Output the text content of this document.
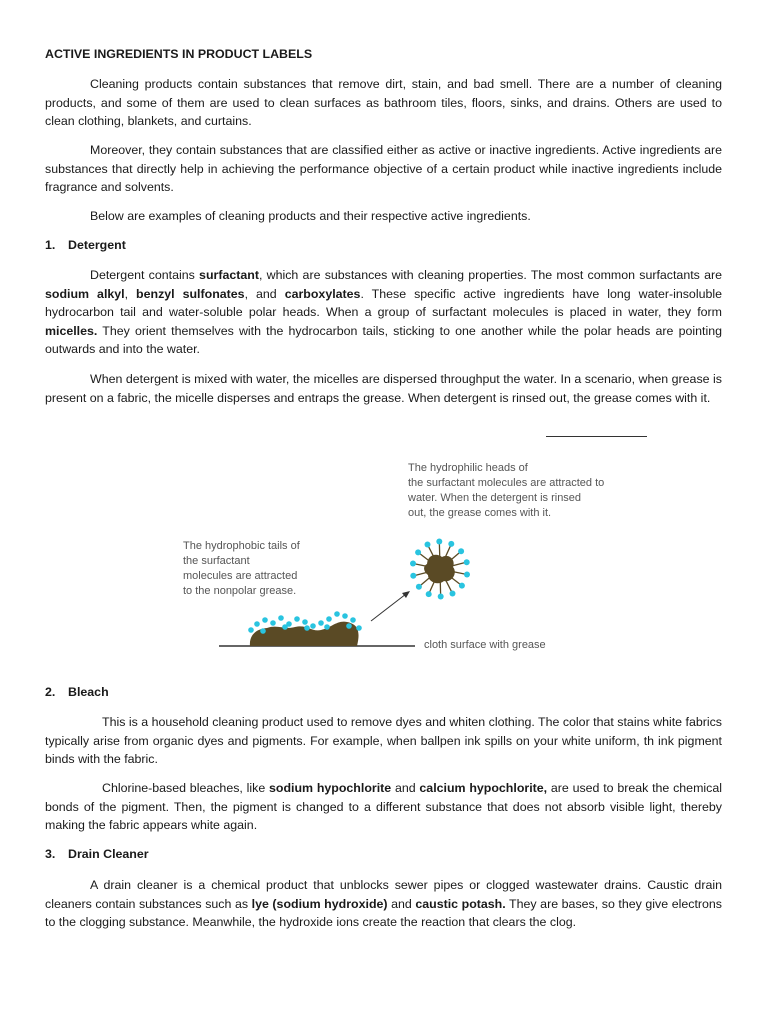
ACTIVE INGREDIENTS IN PRODUCT LABELS

Cleaning products contain substances that remove dirt, stain, and bad smell. There are a number of cleaning products, and some of them are used to clean surfaces as bathroom tiles, floors, sinks, and drains. Others are used to clean clothing, blankets, and curtains.

Moreover, they contain substances that are classified either as active or inactive ingredients. Active ingredients are substances that directly help in achieving the performance objective of a certain product while inactive ingredients include fragrance and solvents.

Below are examples of cleaning products and their respective active ingredients.

1. Detergent

Detergent contains surfactant, which are substances with cleaning properties. The most common surfactants are sodium alkyl, benzyl sulfonates, and carboxylates. These specific active ingredients have long water-insoluble hydrocarbon tail and water-soluble polar heads. When a group of surfactant molecules is placed in water, they form micelles. They orient themselves with the hydrocarbon tails, sticking to one another while the polar heads are pointing outwards and into the water.

When detergent is mixed with water, the micelles are dispersed throughput the water. In a scenario, when grease is present on a fabric, the micelle disperses and entraps the grease. When detergent is rinsed out, the grease comes with it.

The hydrophilic heads of
the surfactant molecules are attracted to
water. When the detergent is rinsed
out, the grease comes with it.

The hydrophobic tails of
the surfactant
molecules are attracted
to the nonpolar grease.

cloth surface with grease

2. Bleach

This is a household cleaning product used to remove dyes and whiten clothing. The color that stains white fabrics typically arise from organic dyes and pigments. For example, when ballpen ink spills on your white uniform, th ink pigment binds with the fabric.

Chlorine-based bleaches, like sodium hypochlorite and calcium hypochlorite, are used to break the chemical bonds of the pigment. Then, the pigment is changed to a different substance that does not absorb visible light, thereby making the fabric appears white again.

3. Drain Cleaner

A drain cleaner is a chemical product that unblocks sewer pipes or clogged wastewater drains. Caustic drain cleaners contain substances such as lye (sodium hydroxide) and caustic potash. They are bases, so they give electrons to the clogging substance. Meanwhile, the hydroxide ions create the reaction that clears the clog.
